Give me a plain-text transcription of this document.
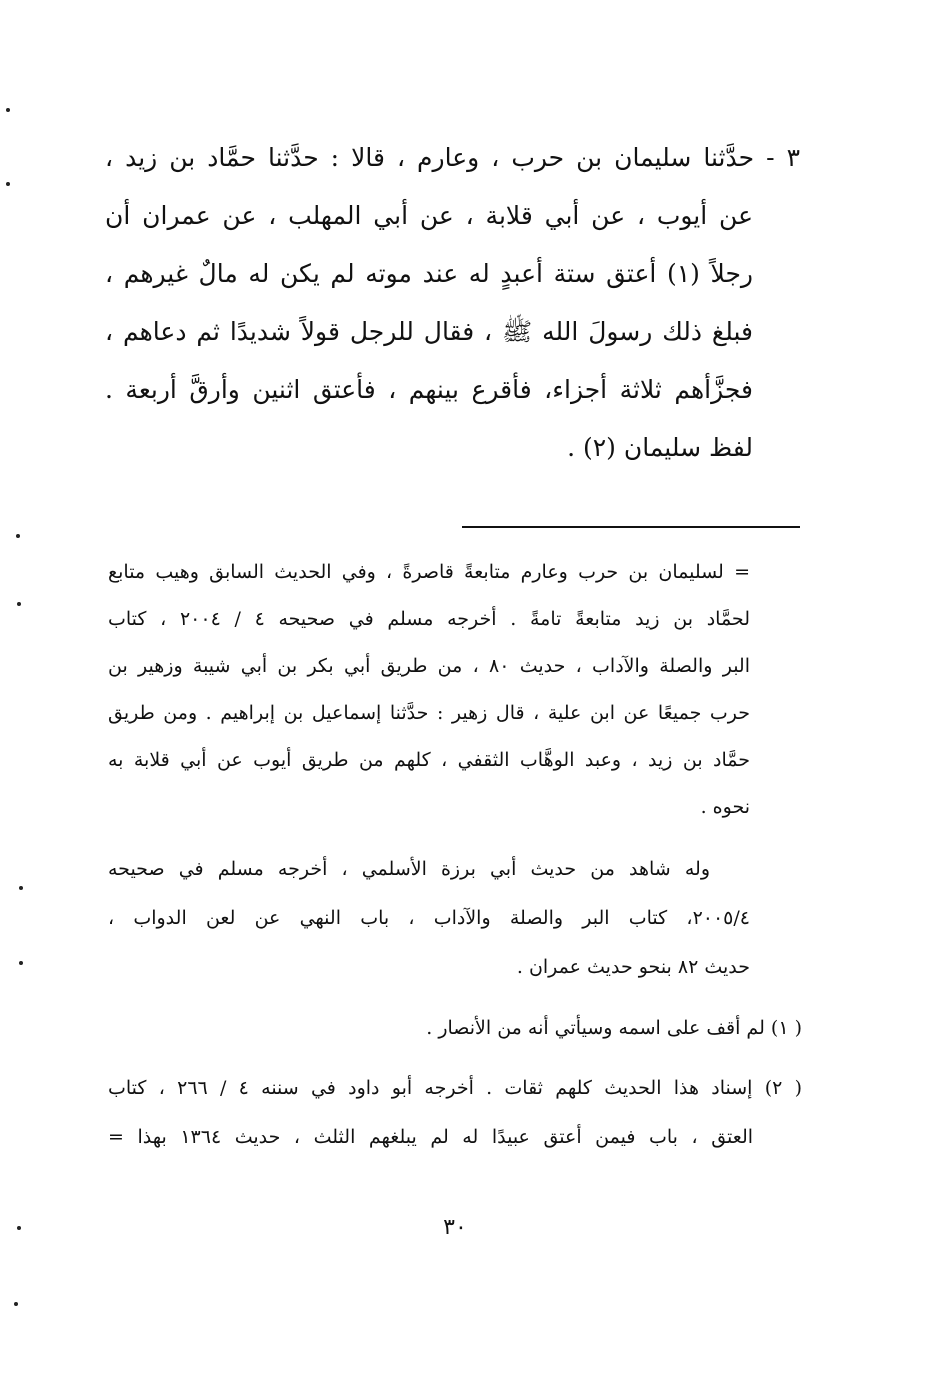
٣ - حدَّثنا سليمان بن حرب ، وعارم ، قالا : حدَّثنا حمَّاد بن زيد ،
عن أيوب ، عن أبي قلابة ، عن أبي المهلب ، عن عمران أن
رجلاً (١) أعتق ستة أعبدٍ له عند موته لم يكن له مالٌ غيرهم ،
فبلغ ذلك رسولَ الله ﷺ ، فقال للرجل قولاً شديدًا ثم دعاهم ،
فجزَّأهم ثلاثة أجزاء، فأقرع بينهم ، فأعتق اثنين وأرقَّ أربعة .
لفظ سليمان (٢) .
= لسليمان بن حرب وعارم متابعةً قاصرةً ، وفي الحديث السابق وهيب متابع
لحمَّاد بن زيد متابعةً تامةً . أخرجه مسلم في صحيحه ٤ / ٢٠٠٤ ، كتاب
البر والصلة والآداب ، حديث ٨٠ ، من طريق أبي بكر بن أبي شيبة وزهير بن
حرب جميعًا عن ابن علية ، قال زهير : حدَّثنا إسماعيل بن إبراهيم . ومن طريق
حمَّاد بن زيد ، وعبد الوهَّاب الثقفي ، كلهم من طريق أيوب عن أبي قلابة به
نحوه .
وله شاهد من حديث أبي برزة الأسلمي ، أخرجه مسلم في صحيحه
٢٠٠٥/٤، كتاب البر والصلة والآداب ، باب النهي عن لعن الدواب ،
حديث ٨٢ بنحو حديث عمران .
( ١) لم أقف على اسمه وسيأتي أنه من الأنصار .
( ٢) إسناد هذا الحديث كلهم ثقات . أخرجه أبو داود في سننه ٤ / ٢٦٦ ، كتاب
العتق ، باب فيمن أعتق عبيدًا له لم يبلغهم الثلث ، حديث ١٣٦٤ بهذا =
٣٠
